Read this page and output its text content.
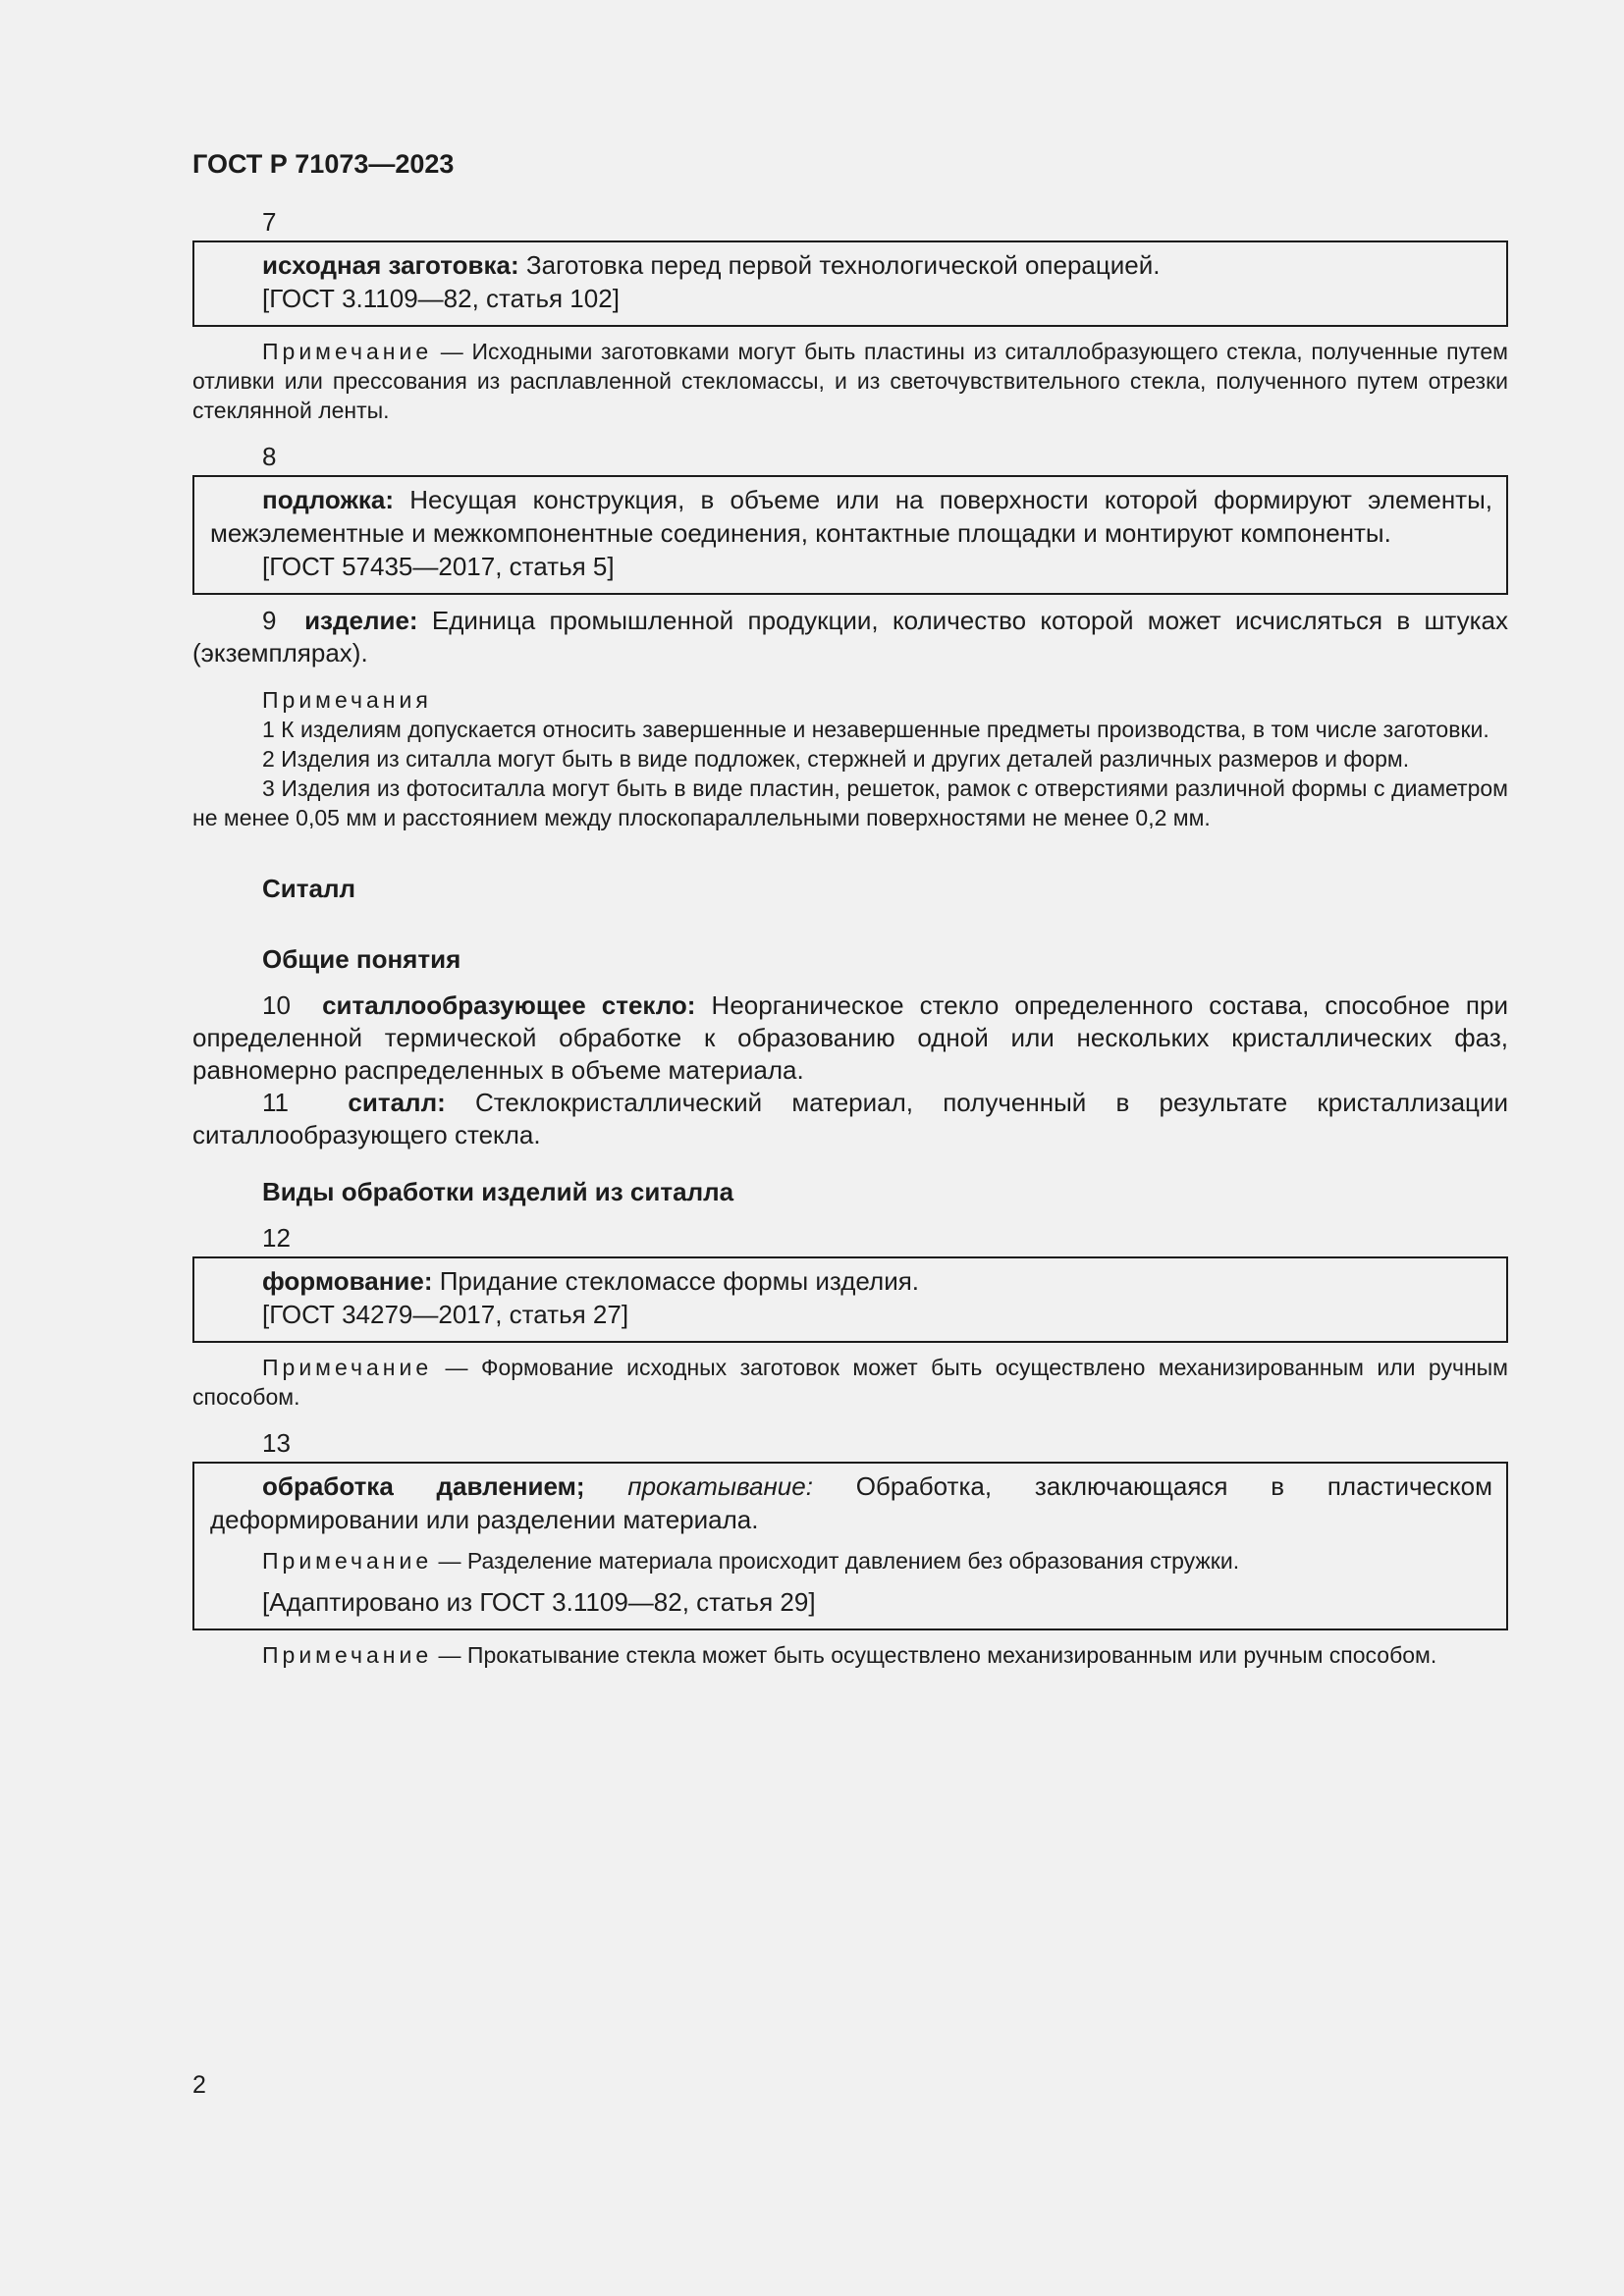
ГОСТ Р 71073—2023
7

исходная заготовка: Заготовка перед первой технологической операцией.

[ГОСТ 3.1109—82, статья 102]

Примечание — Исходными заготовками могут быть пластины из ситаллобразующего стекла, полученные путем отливки или прессования из расплавленной стекломассы, и из светочувствительного стекла, полученного путем отрезки стеклянной ленты.

8

подложка: Несущая конструкция, в объеме или на поверхности которой формируют элементы, межэлементные и межкомпонентные соединения, контактные площадки и монтируют компоненты.

[ГОСТ 57435—2017, статья 5]

9 изделие: Единица промышленной продукции, количество которой может исчисляться в штуках (экземплярах).

Примечания

1 К изделиям допускается относить завершенные и незавершенные предметы производства, в том числе заготовки.

2 Изделия из ситалла могут быть в виде подложек, стержней и других деталей различных размеров и форм.

3 Изделия из фотоситалла могут быть в виде пластин, решеток, рамок с отверстиями различной формы с диаметром не менее 0,05 мм и расстоянием между плоскопараллельными поверхностями не менее 0,2 мм.

Ситалл
Общие понятия

10 ситаллообразующее стекло: Неорганическое стекло определенного состава, способное при определенной термической обработке к образованию одной или нескольких кристаллических фаз, равномерно распределенных в объеме материала.

11 ситалл: Стеклокристаллический материал, полученный в результате кристаллизации ситаллообразующего стекла.

Виды обработки изделий из ситалла
12

формование: Придание стекломассе формы изделия.

[ГОСТ 34279—2017, статья 27]

Примечание — Формование исходных заготовок может быть осуществлено механизированным или ручным способом.

13

обработка давлением; прокатывание: Обработка, заключающаяся в пластическом деформировании или разделении материала.

Примечание — Разделение материала происходит давлением без образования стружки.

[Адаптировано из ГОСТ 3.1109—82, статья 29]

Примечание — Прокатывание стекла может быть осуществлено механизированным или ручным способом.

2
